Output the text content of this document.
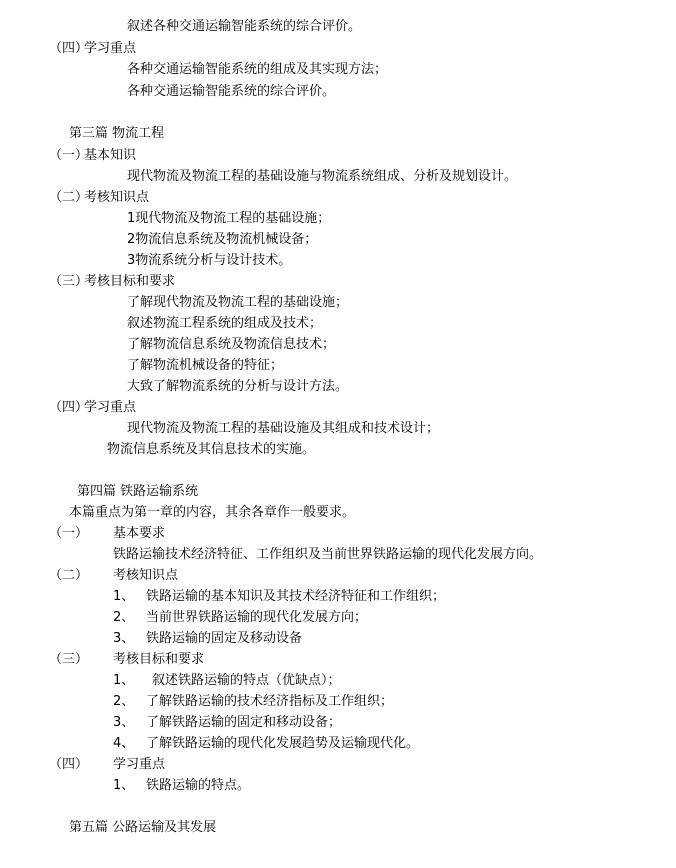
叙述各种交通运输智能系统的综合评价。
（四）
学习重点
各种交通运输智能系统的组成及其实现方法；
各种交通运输智能系统的综合评价。
第三篇 物流工程
（一）
基本知识
现代物流及物流工程的基础设施与物流系统组成、分析及规划设计。
（二）
考核知识点
1现代物流及物流工程的基础设施；
2物流信息系统及物流机械设备；
3物流系统分析与设计技术。
（三）
考核目标和要求
了解现代物流及物流工程的基础设施；
叙述物流工程系统的组成及技术；
了解物流信息系统及物流信息技术；
了解物流机械设备的特征；
大致了解物流系统的分析与设计方法。
（四）
学习重点
现代物流及物流工程的基础设施及其组成和技术设计；
物流信息系统及其信息技术的实施。
第四篇 铁路运输系统
本篇重点为第一章的内容，其余各章作一般要求。
（一） 基本要求
铁路运输技术经济特征、工作组织及当前世界铁路运输的现代化发展方向。
（二） 考核知识点
1、 铁路运输的基本知识及其技术经济特征和工作组织；
2、 当前世界铁路运输的现代化发展方向；
3、 铁路运输的固定及移动设备
（三） 考核目标和要求
1、 叙述铁路运输的特点（优缺点）；
2、 了解铁路运输的技术经济指标及工作组织；
3、 了解铁路运输的固定和移动设备；
4、 了解铁路运输的现代化发展趋势及运输现代化。
（四） 学习重点
1、 铁路运输的特点。
第五篇 公路运输及其发展
